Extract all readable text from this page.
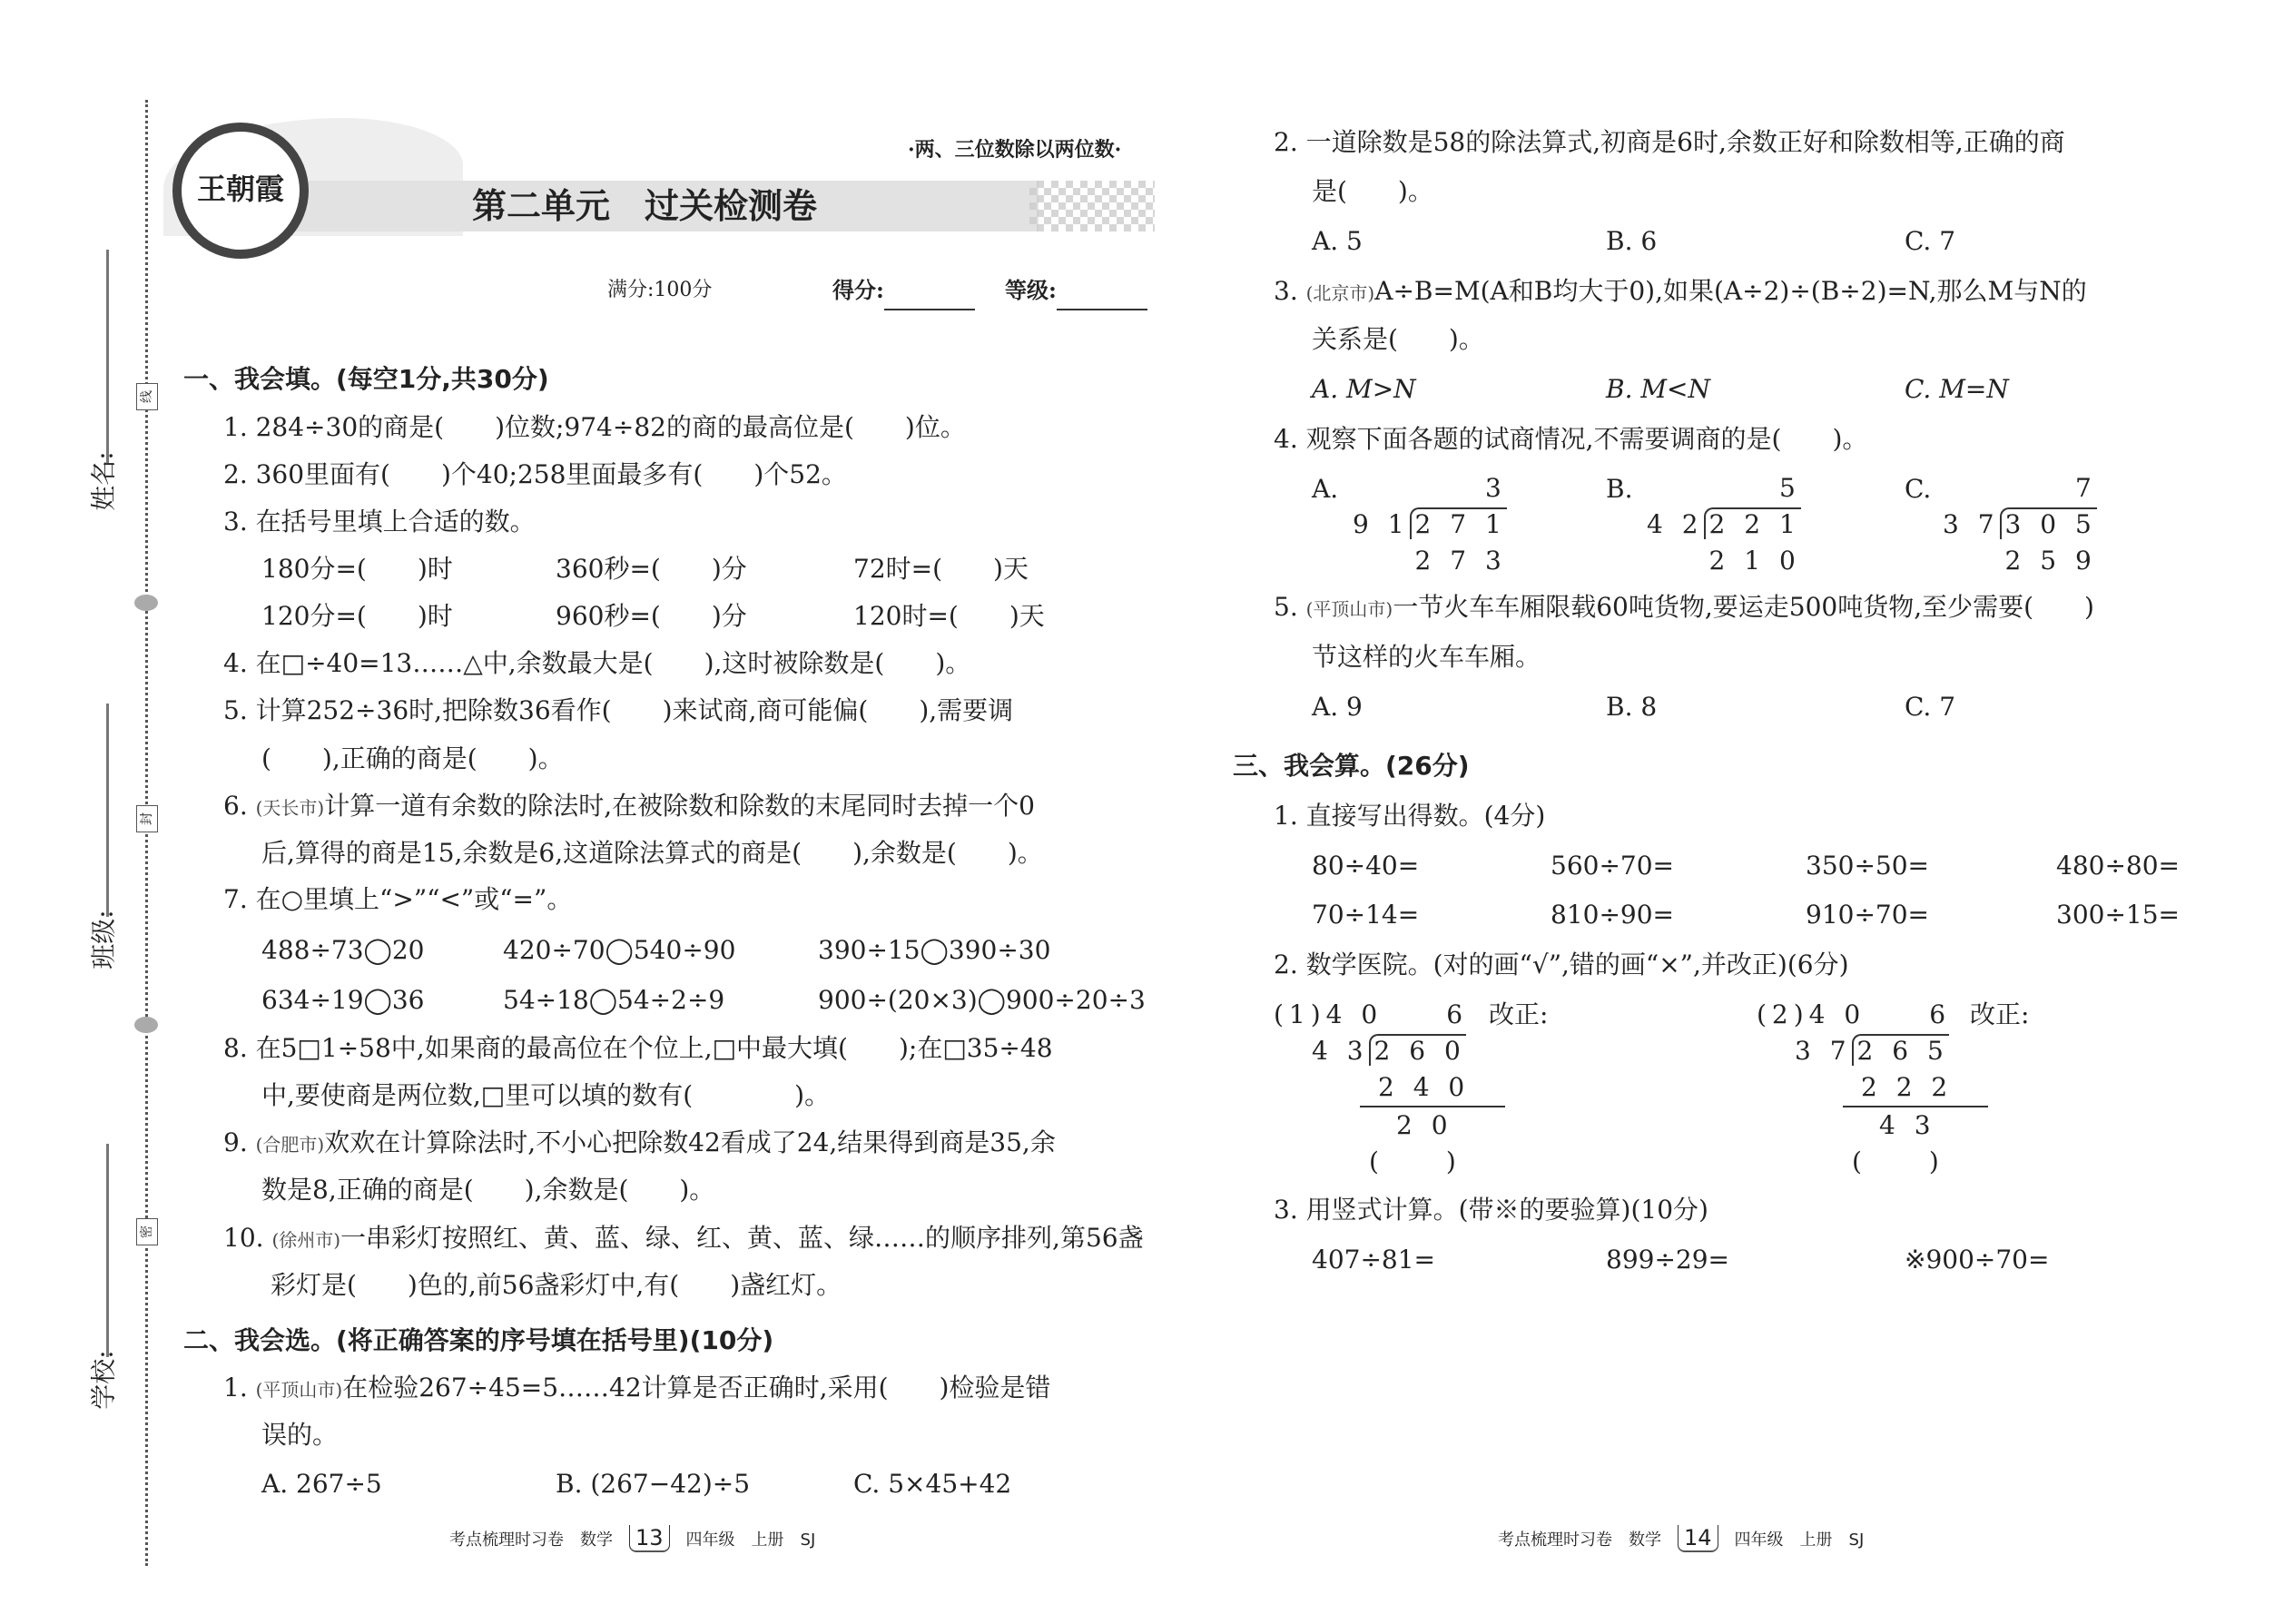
姓名:
班级:
学校:
线
封
密
王朝霞	第二单元　过关检测卷
·两、三位数除以两位数·
满分:100分	得分:	等级:
一、我会填。(每空1分,共30分)
1. 284÷30的商是(　　)位数;974÷82的商的最高位是(　　)位。
2. 360里面有(　　)个40;258里面最多有(　　)个52。
3. 在括号里填上合适的数。
180分=(　　)时	360秒=(　　)分	72时=(　　)天
120分=(　　)时	960秒=(　　)分	120时=(　　)天
4. 在□÷40=13……△中,余数最大是(　　),这时被除数是(　　)。
5. 计算252÷36时,把除数36看作(　　)来试商,商可能偏(　　),需要调
(　　),正确的商是(　　)。
6. (天长市)计算一道有余数的除法时,在被除数和除数的末尾同时去掉一个0
后,算得的商是15,余数是6,这道除法算式的商是(　　),余数是(　　)。
7. 在○里填上“>”“<”或“=”。
488÷73◯20	420÷70◯540÷90	390÷15◯390÷30
634÷19◯36	54÷18◯54÷2÷9	900÷(20×3)◯900÷20÷3
8. 在5□1÷58中,如果商的最高位在个位上,□中最大填(　　);在□35÷48
中,要使商是两位数,□里可以填的数有(　　　　)。
9. (合肥市)欢欢在计算除法时,不小心把除数42看成了24,结果得到商是35,余
数是8,正确的商是(　　),余数是(　　)。
10. (徐州市)一串彩灯按照红、黄、蓝、绿、红、黄、蓝、绿……的顺序排列,第56盏
彩灯是(　　)色的,前56盏彩灯中,有(　　)盏红灯。
二、我会选。(将正确答案的序号填在括号里)(10分)
1. (平顶山市)在检验267÷45=5……42计算是否正确时,采用(　　)检验是错
误的。
A. 267÷5	B. (267−42)÷5	C. 5×45+42
考点梳理时习卷　数学　 13　 四年级　上册　SJ
2. 一道除数是58的除法算式,初商是6时,余数正好和除数相等,正确的商
是(　　)。
A. 5	B. 6	C. 7
3. (北京市)A÷B=M(A和B均大于0),如果(A÷2)÷(B÷2)=N,那么M与N的
关系是(　　)。
A. M>N	B. M<N	C. M=N
4. 观察下面各题的试商情况,不需要调商的是(　　)。
A.	3
9 1 2 7 1
2 7 3
B.	5
4 2 2 2 1
2 1 0
C.	7
3 7 3 0 5
2 5 9
5. (平顶山市)一节火车车厢限载60吨货物,要运走500吨货物,至少需要(　　)
节这样的火车车厢。
A. 9	B. 8	C. 7
三、我会算。(26分)
1. 直接写出得数。(4分)
80÷40=	560÷70=	350÷50=	480÷80=
70÷14=	810÷90=	910÷70=	300÷15=
2. 数学医院。(对的画“√”,错的画“×”,并改正)(6分)
(1)4 0	6
4 3 2 6 0
2 4 0
2 0
(　　)
改正:	(2)4 0	6
3 7 2 6 5
2 2 2
4 3
(　　)
改正:
3. 用竖式计算。(带※的要验算)(10分)
407÷81=	899÷29=	※900÷70=
考点梳理时习卷　数学　 14　 四年级　上册　SJ
